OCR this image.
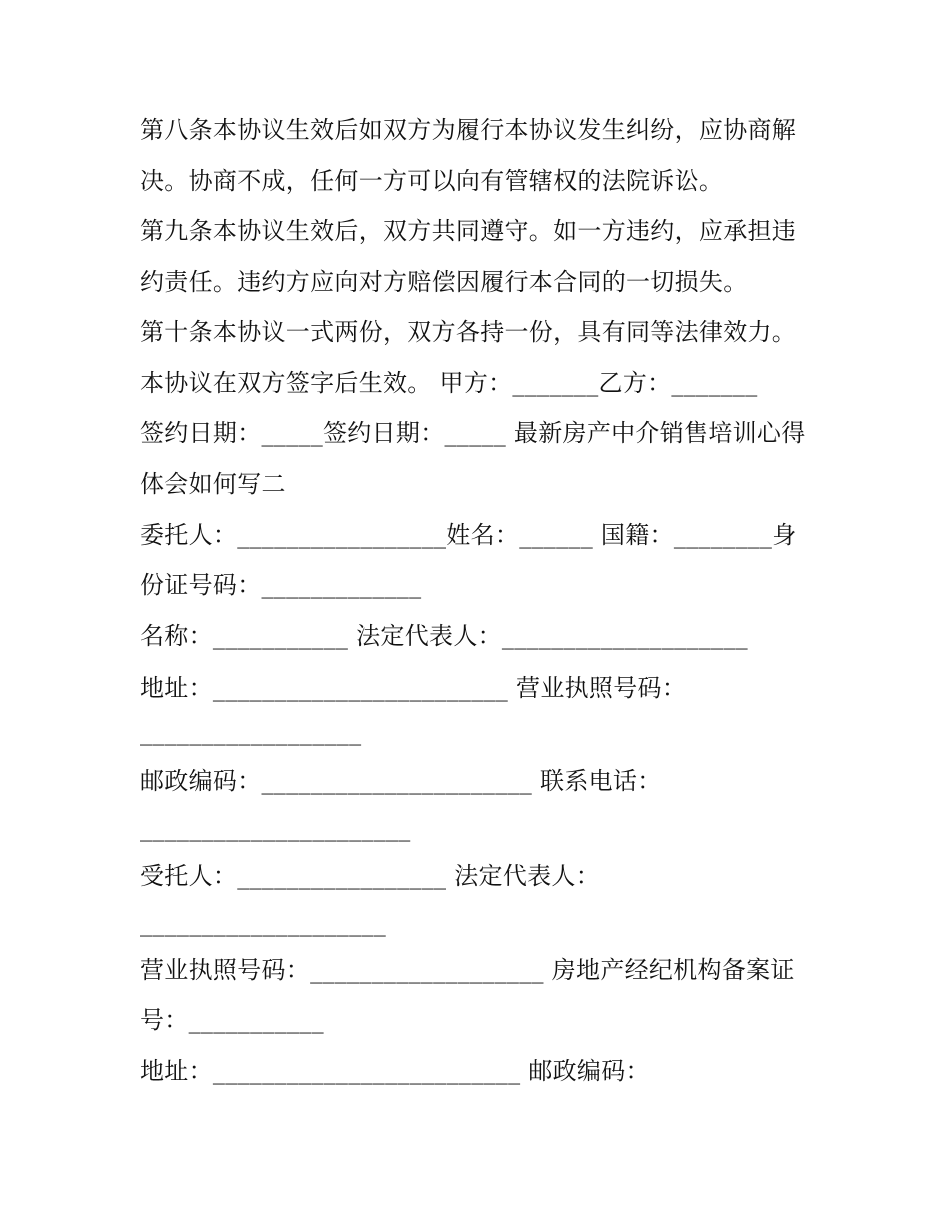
第八条本协议生效后如双方为履行本协议发生纠纷，应协商解
决。协商不成，任何一方可以向有管辖权的法院诉讼。
第九条本协议生效后，双方共同遵守。如一方违约，应承担违
约责任。违约方应向对方赔偿因履行本合同的一切损失。
第十条本协议一式两份，双方各持一份，具有同等法律效力。
本协议在双方签字后生效。 甲方：_______乙方：_______
签约日期：_____签约日期：_____ 最新房产中介销售培训心得
体会如何写二
委托人：_________________姓名：______ 国籍：________身
份证号码：_____________
名称：___________ 法定代表人：____________________
地址：________________________ 营业执照号码：
__________________
邮政编码：______________________ 联系电话：
______________________
受托人：_________________ 法定代表人：
____________________
营业执照号码：___________________ 房地产经纪机构备案证
号：___________
地址：_________________________ 邮政编码：
